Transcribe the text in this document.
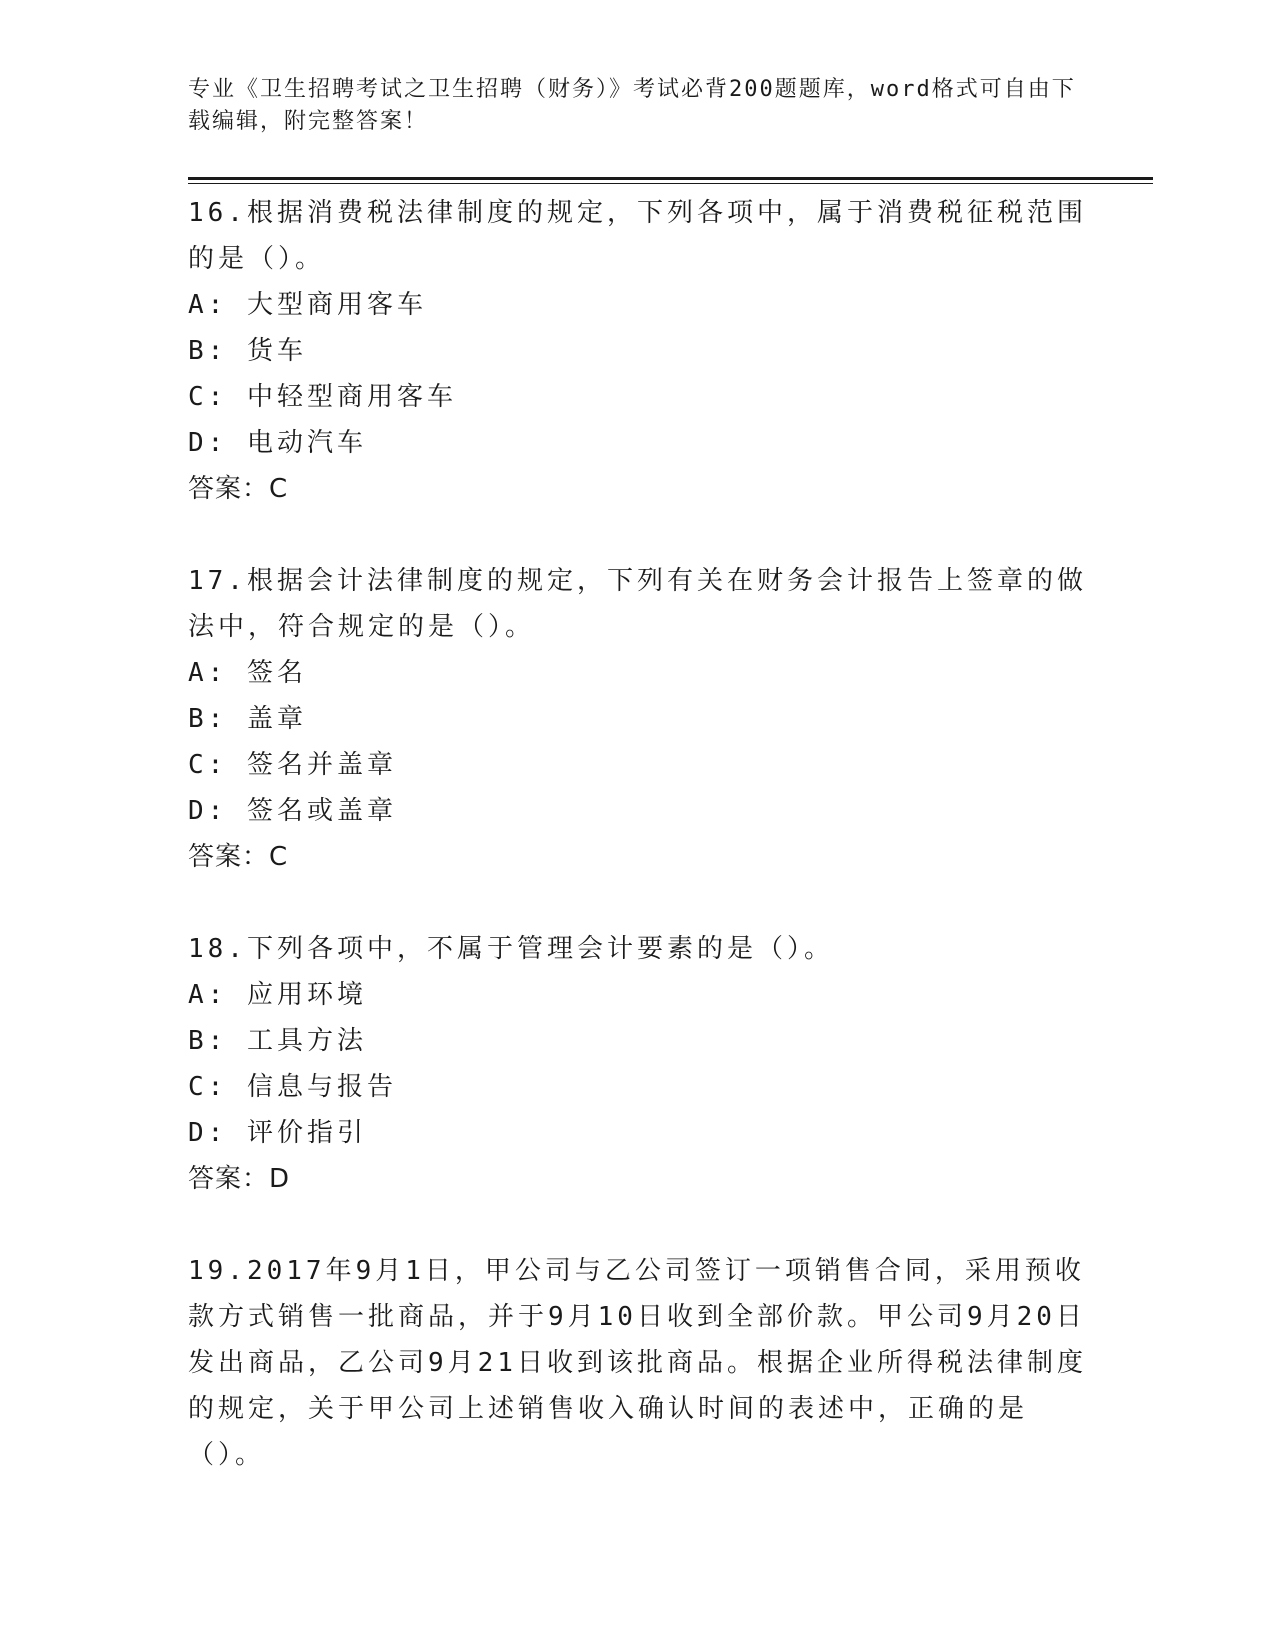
专业《卫生招聘考试之卫生招聘（财务）》考试必背200题题库，word格式可自由下载编辑，附完整答案！
16.根据消费税法律制度的规定，下列各项中，属于消费税征税范围的是（）。
A: 大型商用客车
B: 货车
C: 中轻型商用客车
D: 电动汽车
答案：C
17.根据会计法律制度的规定，下列有关在财务会计报告上签章的做法中，符合规定的是（）。
A: 签名
B: 盖章
C: 签名并盖章
D: 签名或盖章
答案：C
18.下列各项中，不属于管理会计要素的是（）。
A: 应用环境
B: 工具方法
C: 信息与报告
D: 评价指引
答案：D
19.2017年9月1日，甲公司与乙公司签订一项销售合同，采用预收款方式销售一批商品，并于9月10日收到全部价款。甲公司9月20日发出商品，乙公司9月21日收到该批商品。根据企业所得税法律制度的规定，关于甲公司上述销售收入确认时间的表述中，正确的是（）。
